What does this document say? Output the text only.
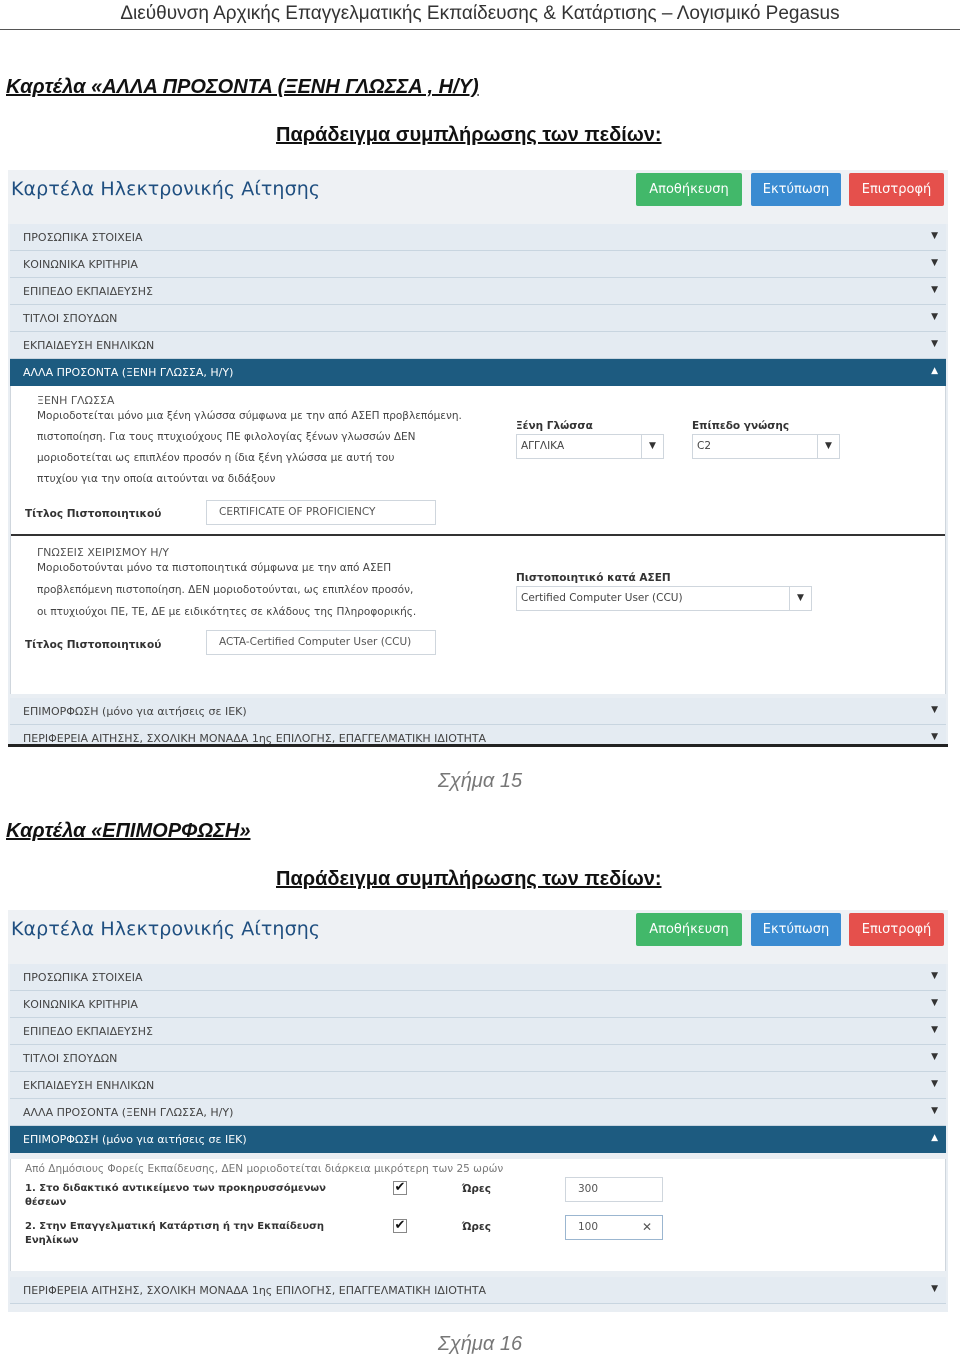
Διεύθυνση Αρχικής Επαγγελματικής Εκπαίδευσης & Κατάρτισης – Λογισμικό Pegasus
Καρτέλα «ΑΛΛΑ ΠΡΟΣΟΝΤΑ (ΞΕΝΗ ΓΛΩΣΣΑ , Η/Υ)
Παράδειγμα συμπλήρωσης των πεδίων:
Καρτέλα Ηλεκτρονικής Αίτησης	Αποθήκευση	Εκτύπωση	Επιστροφή
ΠΡΟΣΩΠΙΚΑ ΣΤΟΙΧΕΙΑ	▼
ΚΟΙΝΩΝΙΚΑ ΚΡΙΤΗΡΙΑ	▼
ΕΠΙΠΕΔΟ ΕΚΠΑΙΔΕΥΣΗΣ	▼
ΤΙΤΛΟΙ ΣΠΟΥΔΩΝ	▼
ΕΚΠΑΙΔΕΥΣΗ ΕΝΗΛΙΚΩΝ	▼
ΑΛΛΑ ΠΡΟΣΟΝΤΑ (ΞΕΝΗ ΓΛΩΣΣΑ, Η/Υ)	▲
ΞΕΝΗ ΓΛΩΣΣΑ
Μοριοδοτείται μόνο μια ξένη γλώσσα σύμφωνα με την από ΑΣΕΠ προβλεπόμενη.
πιστοποίηση. Για τους πτυχιούχους ΠΕ φιλολογίας ξένων γλωσσών ΔΕΝ
μοριοδοτείται ως επιπλέον προσόν η ίδια ξένη γλώσσα με αυτή του
πτυχίου για την οποία αιτούνται να διδάξουν
Ξένη Γλώσσα
ΑΓΓΛΙΚΑ	▼
Επίπεδο γνώσης
C2	▼
Τίτλος Πιστοποιητικού	CERTIFICATE OF PROFICIENCY
ΓΝΩΣΕΙΣ ΧΕΙΡΙΣΜΟΥ Η/Υ
Μοριοδοτούνται μόνο τα πιστοποιητικά σύμφωνα με την από ΑΣΕΠ
προβλεπόμενη πιστοποίηση. ΔΕΝ μοριοδοτούνται, ως επιπλέον προσόν,
οι πτυχιούχοι ΠΕ, ΤΕ, ΔΕ με ειδικότητες σε κλάδους της Πληροφορικής.
Πιστοποιητικό κατά ΑΣΕΠ
Certified Computer User (CCU)	▼
Τίτλος Πιστοποιητικού	ACTA-Certified Computer User (CCU)
ΕΠΙΜΟΡΦΩΣΗ (μόνο για αιτήσεις σε ΙΕΚ)	▼
ΠΕΡΙΦΕΡΕΙΑ ΑΙΤΗΣΗΣ, ΣΧΟΛΙΚΗ ΜΟΝΑΔΑ 1ης ΕΠΙΛΟΓΗΣ, ΕΠΑΓΓΕΛΜΑΤΙΚΗ ΙΔΙΟΤΗΤΑ	▼
Σχήμα 15
Καρτέλα «ΕΠΙΜΟΡΦΩΣΗ»
Παράδειγμα συμπλήρωσης των πεδίων:
Καρτέλα Ηλεκτρονικής Αίτησης	Αποθήκευση	Εκτύπωση	Επιστροφή
ΠΡΟΣΩΠΙΚΑ ΣΤΟΙΧΕΙΑ	▼
ΚΟΙΝΩΝΙΚΑ ΚΡΙΤΗΡΙΑ	▼
ΕΠΙΠΕΔΟ ΕΚΠΑΙΔΕΥΣΗΣ	▼
ΤΙΤΛΟΙ ΣΠΟΥΔΩΝ	▼
ΕΚΠΑΙΔΕΥΣΗ ΕΝΗΛΙΚΩΝ	▼
ΑΛΛΑ ΠΡΟΣΟΝΤΑ (ΞΕΝΗ ΓΛΩΣΣΑ, Η/Υ)	▼
ΕΠΙΜΟΡΦΩΣΗ (μόνο για αιτήσεις σε ΙΕΚ)	▲
Από Δημόσιους Φορείς Εκπαίδευσης, ΔΕΝ μοριοδοτείται διάρκεια μικρότερη των 25 ωρών
1. Στο διδακτικό αντικείμενο των προκηρυσσόμενων
θέσεων
✔	Ώρες	300
2. Στην Επαγγελματική Κατάρτιση ή την Εκπαίδευση
Ενηλίκων
✔	Ώρες	100	✕
ΠΕΡΙΦΕΡΕΙΑ ΑΙΤΗΣΗΣ, ΣΧΟΛΙΚΗ ΜΟΝΑΔΑ 1ης ΕΠΙΛΟΓΗΣ, ΕΠΑΓΓΕΛΜΑΤΙΚΗ ΙΔΙΟΤΗΤΑ	▼
Σχήμα 16
